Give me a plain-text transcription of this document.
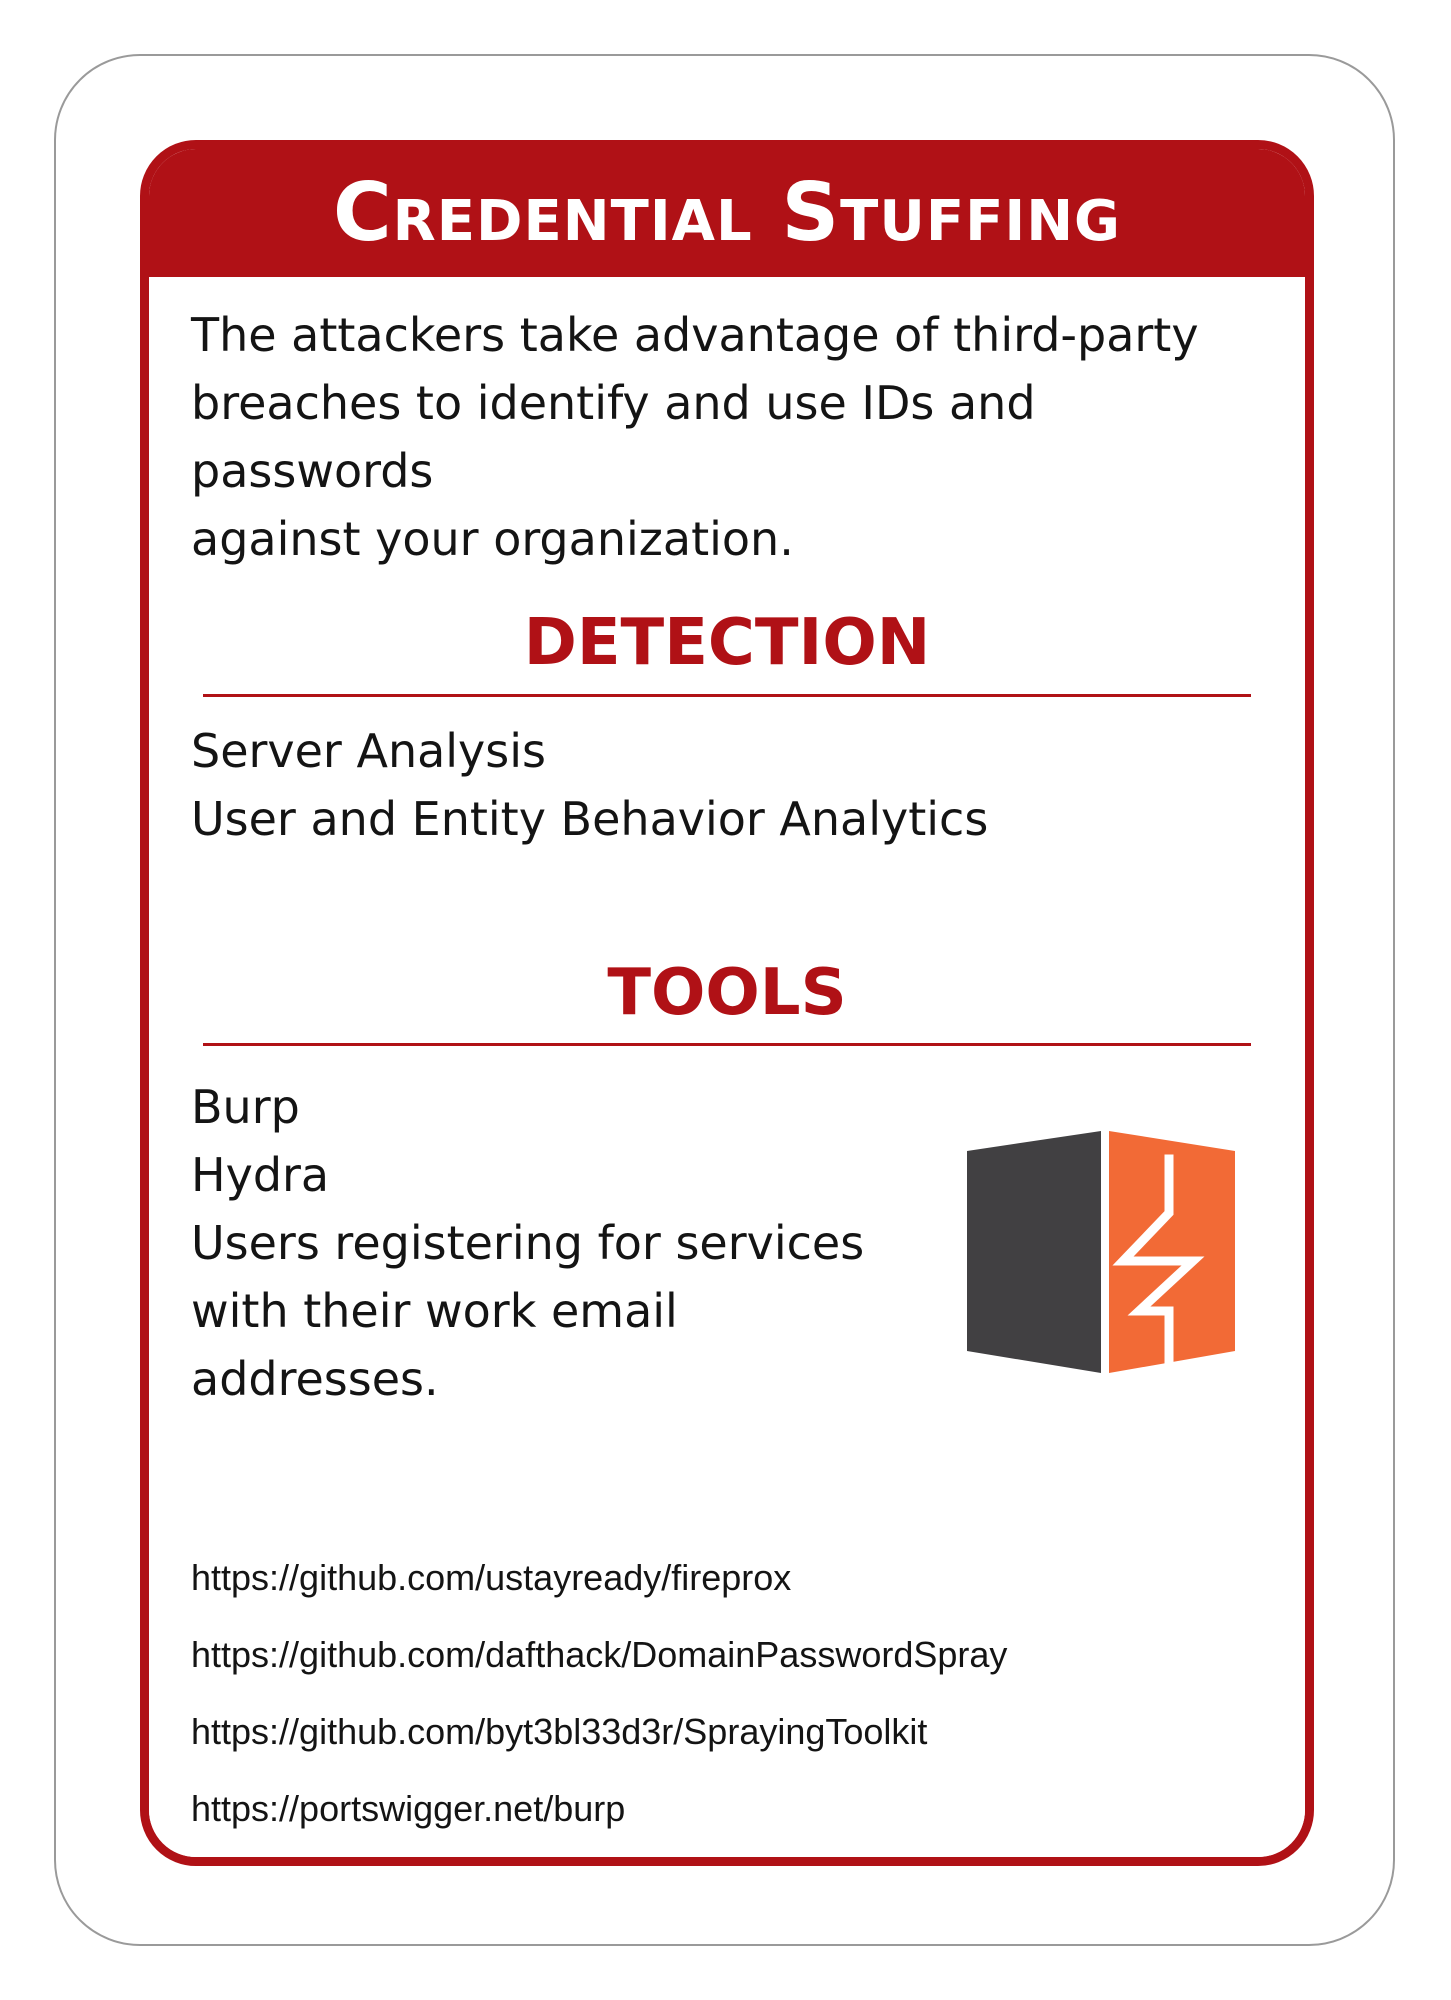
Credential Stuffing

The attackers take advantage of third-party
breaches to identify and use IDs and passwords
against your organization.

DETECTION
Server Analysis
User and Entity Behavior Analytics
TOOLS
Burp
Hydra

Users registering for services with their work email addresses.

https://github.com/ustayready/fireprox
https://github.com/dafthack/DomainPasswordSpray
https://github.com/byt3bl33d3r/SprayingToolkit
https://portswigger.net/burp
